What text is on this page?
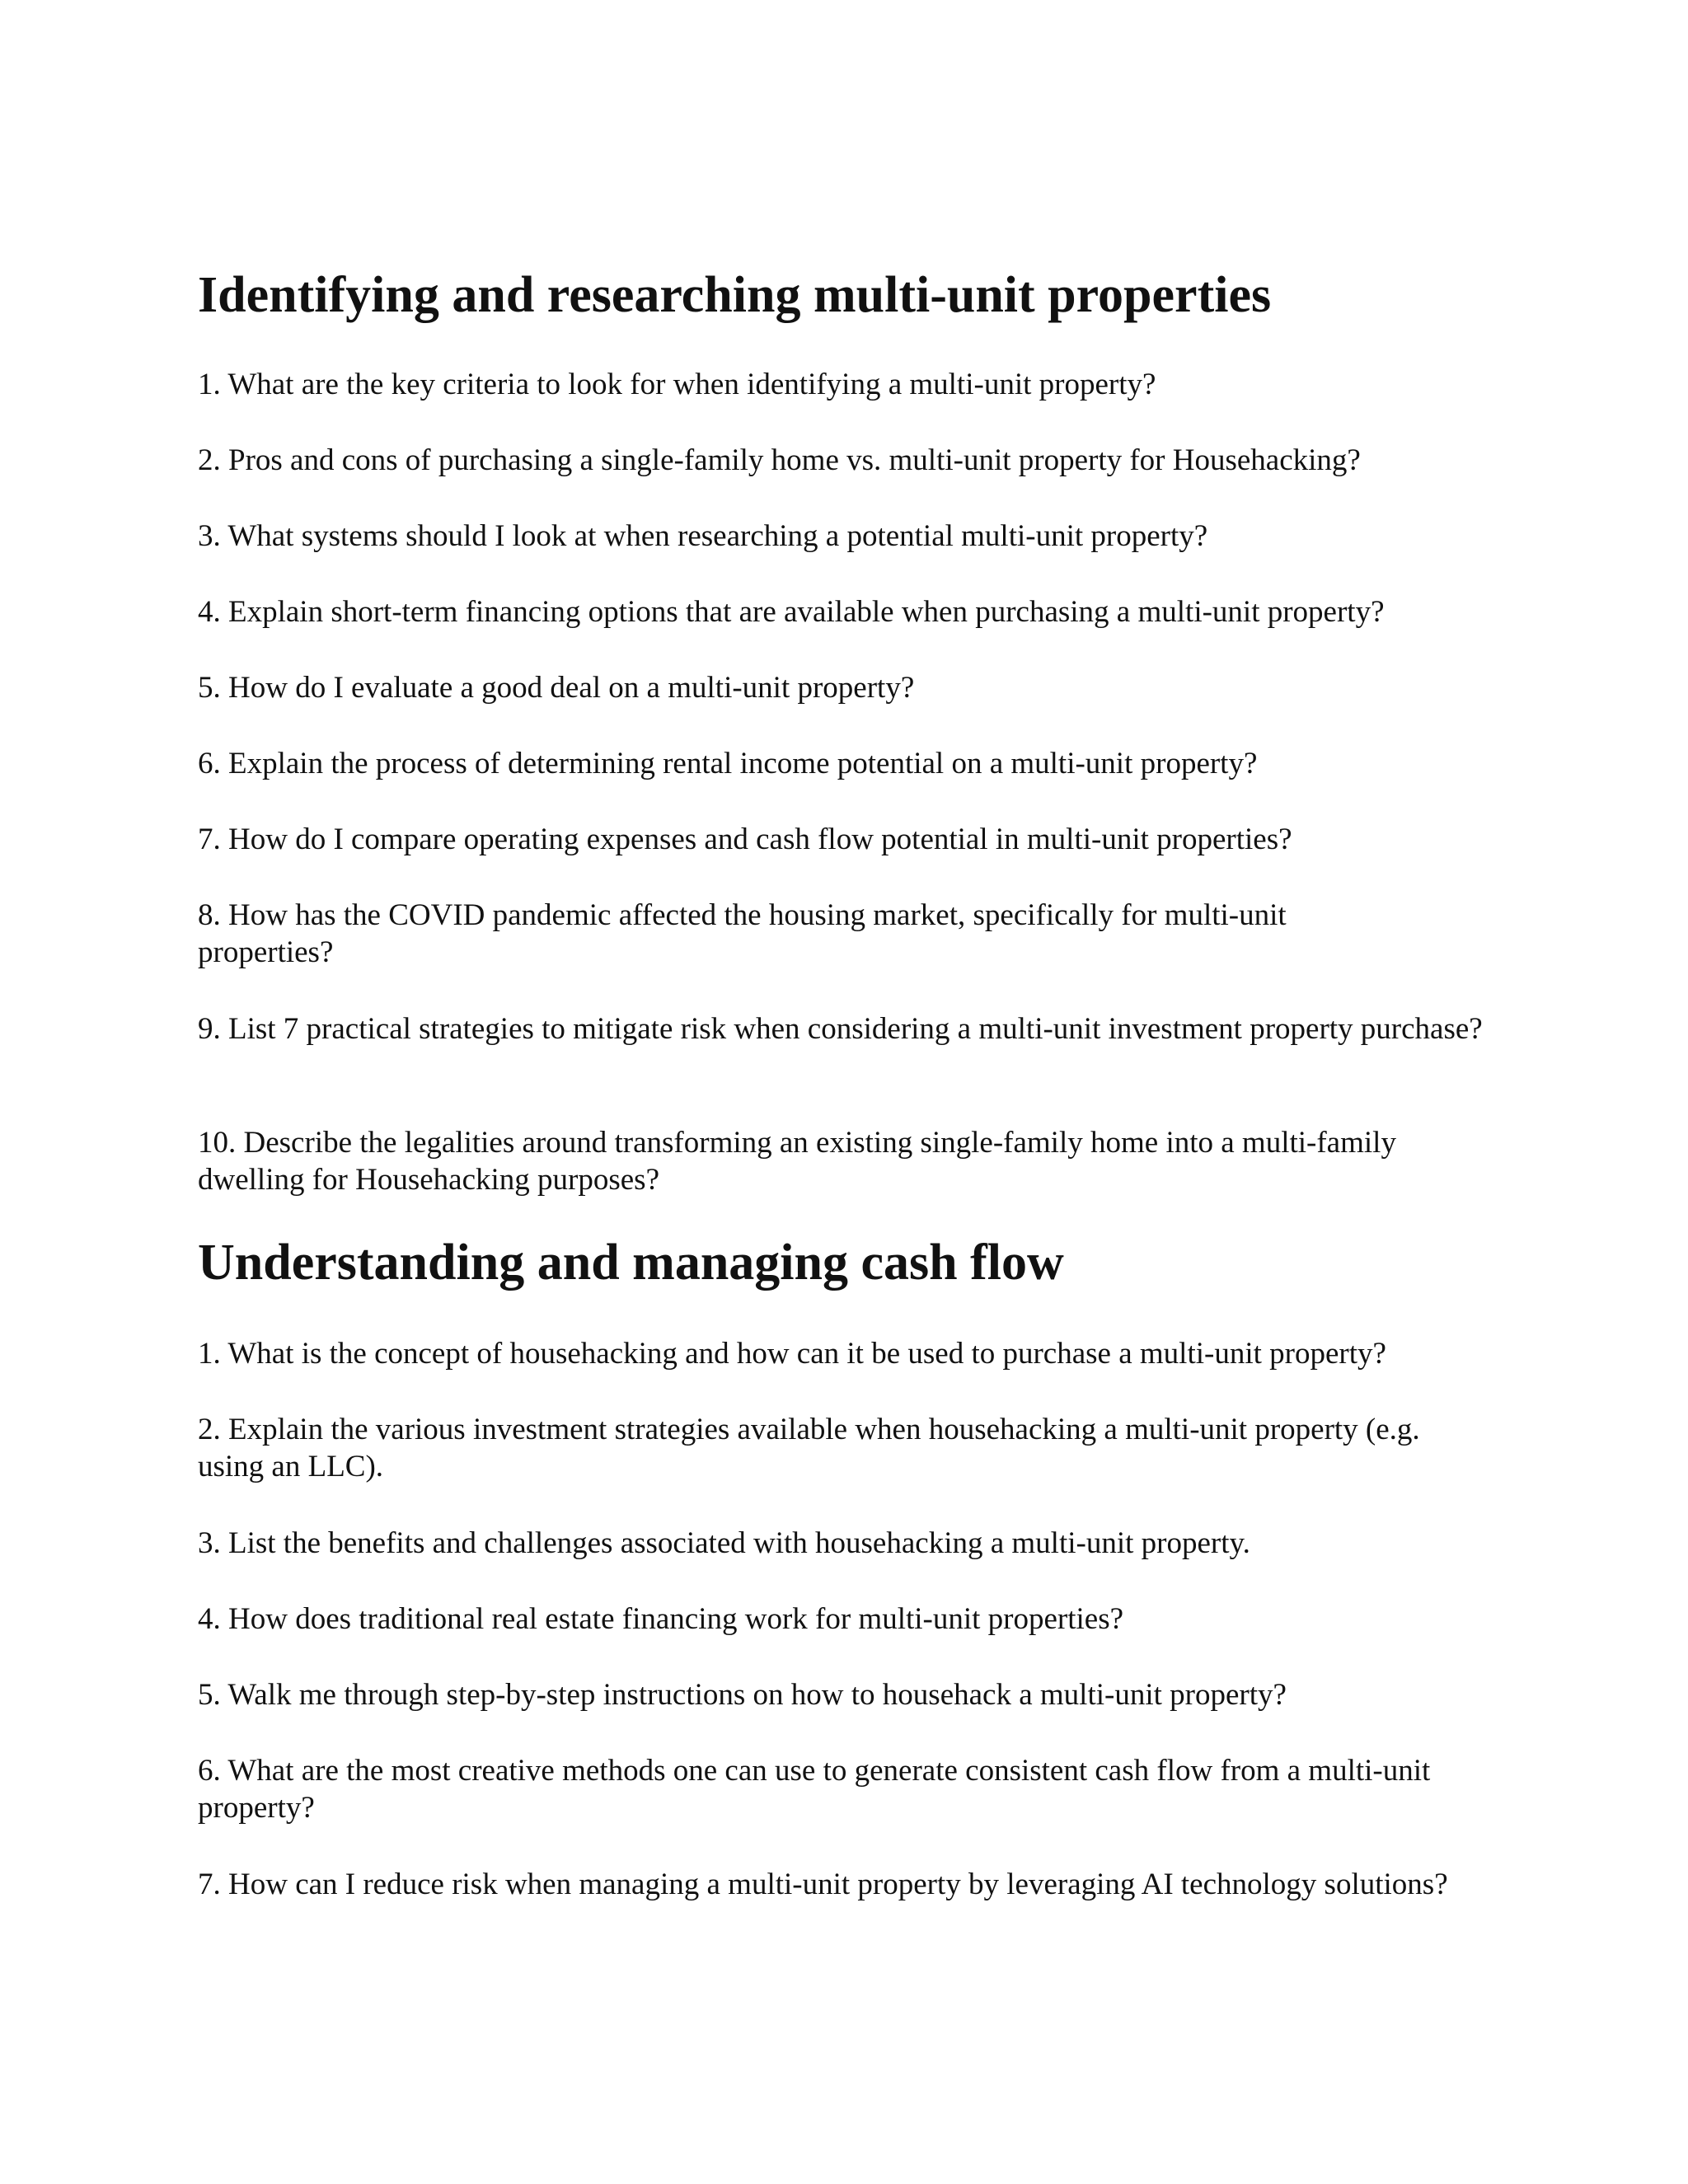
Identifying and researching multi-unit properties

1. What are the key criteria to look for when identifying a multi-unit property?

2. Pros and cons of purchasing a single-family home vs. multi-unit property for Househacking?

3. What systems should I look at when researching a potential multi-unit property?

4. Explain short-term financing options that are available when purchasing a multi-unit property?

5. How do I evaluate a good deal on a multi-unit property?

6. Explain the process of determining rental income potential on a multi-unit property?

7. How do I compare operating expenses and cash flow potential in multi-unit properties?

8. How has the COVID pandemic affected the housing market, specifically for multi-unit properties?

9. List 7 practical strategies to mitigate risk when considering a multi-unit investment property purchase?

10. Describe the legalities around transforming an existing single-family home into a multi-family dwelling for Househacking purposes?

Understanding and managing cash flow

1. What is the concept of househacking and how can it be used to purchase a multi-unit property?

2. Explain the various investment strategies available when househacking a multi-unit property (e.g. using an LLC).

3. List the benefits and challenges associated with househacking a multi-unit property.

4. How does traditional real estate financing work for multi-unit properties?

5. Walk me through step-by-step instructions on how to househack a multi-unit property?

6. What are the most creative methods one can use to generate consistent cash flow from a multi-unit property?

7. How can I reduce risk when managing a multi-unit property by leveraging AI technology solutions?
